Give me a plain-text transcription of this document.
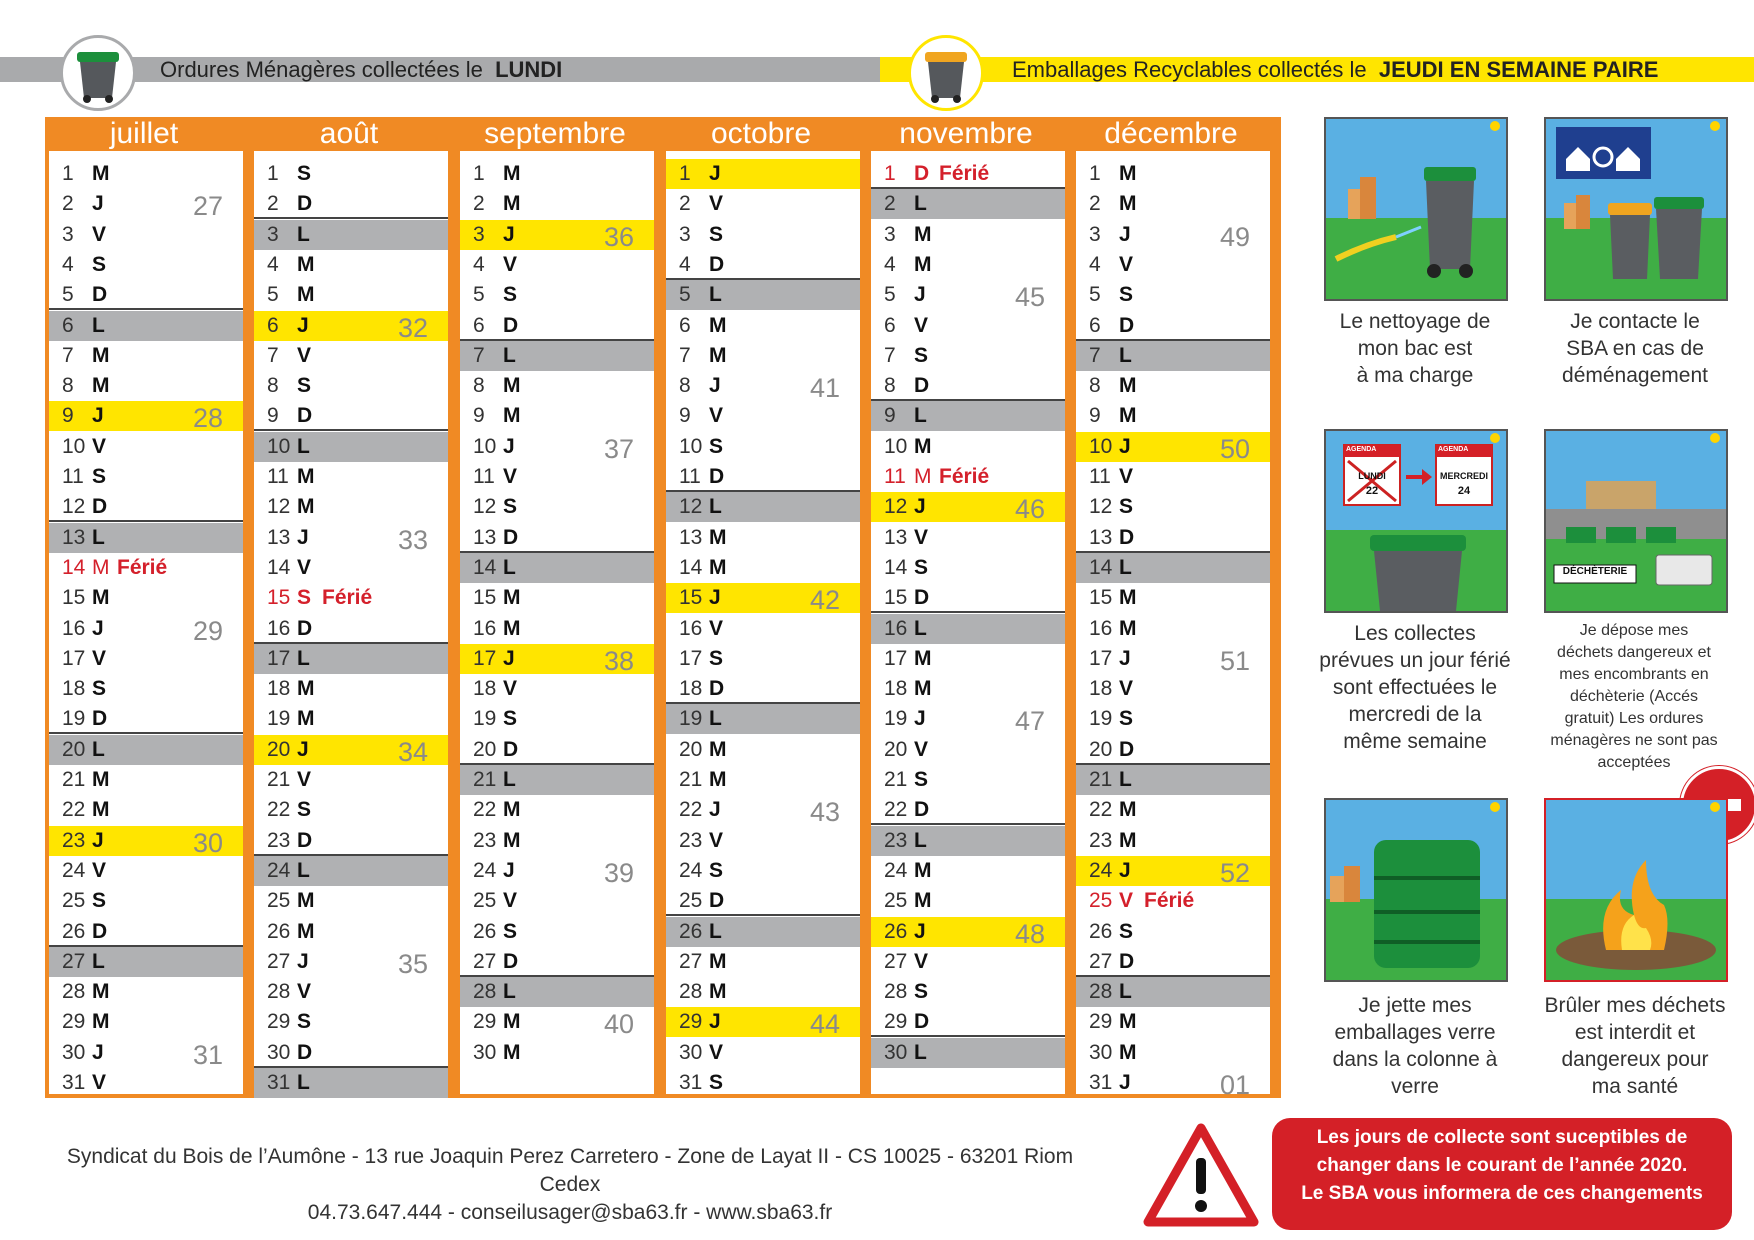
Ordures Ménagères collectées le LUNDI	Emballages Recyclables collectés le JEUDI EN SEMAINE PAIRE
juillet
1 M
2 J	27
3 V
4 S
5 D
6 L
7 M
8 M
9 J	28
10 V
11 S
12 D
13 L
14 M Férié
15 M
16 J	29
17 V
18 S
19 D
20 L
21 M
22 M
23 J	30
24 V
25 S
26 D
27 L
28 M
29 M
30 J	31
31 V
août
1 S
2 D
3 L
4 M
5 M
6 J	32
7 V
8 S
9 D
10 L
11 M
12 M
13 J	33
14 V
15 S Férié
16 D
17 L
18 M
19 M
20 J	34
21 V
22 S
23 D
24 L
25 M
26 M
27 J	35
28 V
29 S
30 D
31 L
septembre
1 M
2 M
3 J	36
4 V
5 S
6 D
7 L
8 M
9 M
10 J	37
11 V
12 S
13 D
14 L
15 M
16 M
17 J	38
18 V
19 S
20 D
21 L
22 M
23 M
24 J	39
25 V
26 S
27 D
28 L
29 M	40
30 M
octobre
1 J
2 V
3 S
4 D
5 L
6 M
7 M
8 J	41
9 V
10 S
11 D
12 L
13 M
14 M
15 J	42
16 V
17 S
18 D
19 L
20 M
21 M
22 J	43
23 V
24 S
25 D
26 L
27 M
28 M
29 J	44
30 V
31 S
novembre
1 D Férié
2 L
3 M
4 M
5 J	45
6 V
7 S
8 D
9 L
10 M
11 M Férié
12 J	46
13 V
14 S
15 D
16 L
17 M
18 M
19 J	47
20 V
21 S
22 D
23 L
24 M
25 M
26 J	48
27 V
28 S
29 D
30 L
décembre
1 M
2 M
3 J	49
4 V
5 S
6 D
7 L
8 M
9 M
10 J	50
11 V
12 S
13 D
14 L
15 M
16 M
17 J	51
18 V
19 S
20 D
21 L
22 M
23 M
24 J	52
25 V Férié
26 S
27 D
28 L
29 M
30 M
31 J	01
Le nettoyage de
mon bac est
à ma charge
Je contacte le
SBA en cas de
déménagement
AGENDA
LUNDI
22
AGENDA
MERCREDI
24
Les collectes
prévues un jour férié
sont effectuées le
mercredi de la
même semaine
DÉCHÈTERIE
Je dépose mes
déchets dangereux et
mes encombrants en
déchèterie (Accés
gratuit) Les ordures
ménagères ne sont pas
acceptées
Je jette mes
emballages verre
dans la colonne à
verre
Brûler mes déchets
est interdit et
dangereux pour
ma santé
Syndicat du Bois de l’Aumône - 13 rue Joaquin Perez Carretero - Zone de Layat II - CS 10025 - 63201 Riom Cedex
04.73.647.444 - conseilusager@sba63.fr - www.sba63.fr
Les jours de collecte sont suceptibles de
changer dans le courant de l’année 2020.
Le SBA vous informera de ces changements
